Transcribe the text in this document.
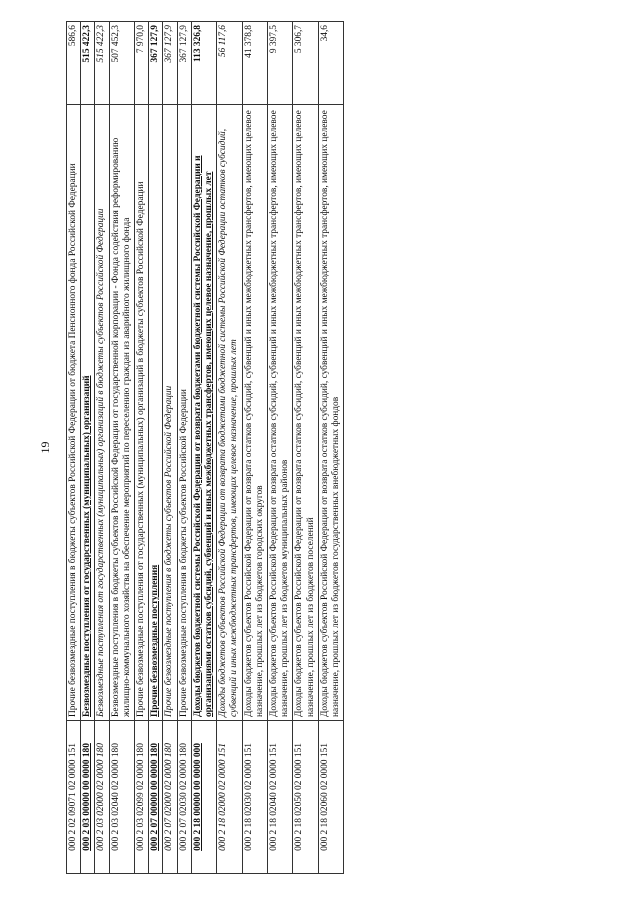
19
000 2 02 09071 02 0000 151	Прочие безвозмездные поступления в бюджеты субъектов Российской Федерации от бюджета Пенсионного фонда Российской Федерации	586,6
000 2 03 00000 00 0000 180	Безвозмездные поступления от государственных (муниципальных) организаций	515 422,3
000 2 03 02000 02 0000 180	Безвозмездные поступления от государственных (муниципальных) организаций в бюджеты субъектов Российской Федерации	515 422,3
000 2 03 02040 02 0000 180	Безвозмездные поступления в бюджеты субъектов Российской Федерации от государственной корпорации - Фонда содействия реформированию жилищно-коммунального хозяйства на обеспечение мероприятий по переселению граждан из аварийного жилищного фонда	507 452,3
000 2 03 02099 02 0000 180	Прочие безвозмездные поступления от государственных (муниципальных) организаций в бюджеты субъектов Российской Федерации	7 970,0
000 2 07 00000 00 0000 180	Прочие безвозмездные поступления	367 127,9
000 2 07 02000 02 0000 180	Прочие безвозмездные поступления в бюджеты субъектов Российской Федерации	367 127,9
000 2 07 02030 02 0000 180	Прочие безвозмездные поступления в бюджеты субъектов Российской Федерации	367 127,9
000 2 18 00000 00 0000 000	Доходы бюджетов бюджетной системы Российской Федерации от возврата бюджетами бюджетной системы Российской Федерации и организациями остатков субсидий, субвенций и иных межбюджетных трансфертов, имеющих целевое назначение, прошлых лет	113 326,8
000 2 18 02000 02 0000 151	Доходы бюджетов субъектов Российской Федерации от возврата бюджетами бюджетной системы Российской Федерации остатков субсидий, субвенций и иных межбюджетных трансфертов, имеющих целевое назначение, прошлых лет	56 117,6
000 2 18 02030 02 0000 151	Доходы бюджетов субъектов Российской Федерации от возврата остатков субсидий, субвенций и иных межбюджетных трансфертов, имеющих целевое назначение, прошлых лет из бюджетов городских округов	41 378,8
000 2 18 02040 02 0000 151	Доходы бюджетов субъектов Российской Федерации от возврата остатков субсидий, субвенций и иных межбюджетных трансфертов, имеющих целевое назначение, прошлых лет из бюджетов муниципальных районов	9 397,5
000 2 18 02050 02 0000 151	Доходы бюджетов субъектов Российской Федерации от возврата остатков субсидий, субвенций и иных межбюджетных трансфертов, имеющих целевое назначение, прошлых лет из бюджетов поселений	5 306,7
000 2 18 02060 02 0000 151	Доходы бюджетов субъектов Российской Федерации от возврата остатков субсидий, субвенций и иных межбюджетных трансфертов, имеющих целевое назначение, прошлых лет из бюджетов государственных внебюджетных фондов	34,6
